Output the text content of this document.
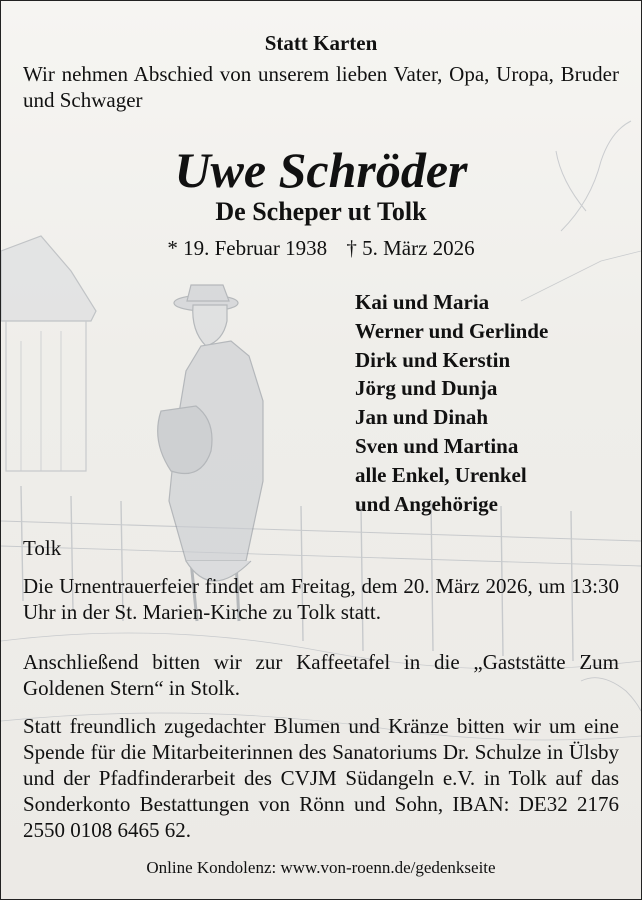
Statt Karten
Wir nehmen Abschied von unserem lieben Vater, Opa, Uropa, Bruder und Schwager
Uwe Schröder
De Scheper ut Tolk
* 19. Februar 1938 † 5. März 2026
Kai und Maria
Werner und Gerlinde
Dirk und Kerstin
Jörg und Dunja
Jan und Dinah
Sven und Martina
alle Enkel, Urenkel
und Angehörige
Tolk

Die Urnentrauerfeier findet am Freitag, dem 20. März 2026, um 13:30 Uhr in der St. Marien-Kirche zu Tolk statt.

Anschließend bitten wir zur Kaffeetafel in die „Gaststätte Zum Goldenen Stern“ in Stolk.

Statt freundlich zugedachter Blumen und Kränze bitten wir um eine Spende für die Mitarbeiterinnen des Sanatoriums Dr. Schulze in Ülsby und der Pfadfinderarbeit des CVJM Südangeln e.V. in Tolk auf das Sonderkonto Bestattungen von Rönn und Sohn, IBAN: DE32 2176 2550 0108 6465 62.

Online Kondolenz: www.von-roenn.de/gedenkseite
